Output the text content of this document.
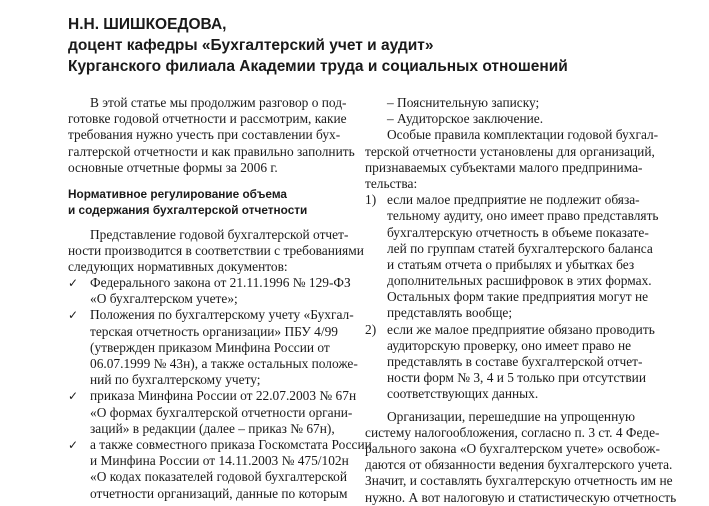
Н.Н. ШИШКОЕДОВА,
доцент кафедры «Бухгалтерский учет и аудит»
Курганского филиала Академии труда и социальных отношений
В этой статье мы продолжим разговор о под-
готовке годовой отчетности и рассмотрим, какие
требования нужно учесть при составлении бух-
галтерской отчетности и как правильно заполнить
основные отчетные формы за 2006 г.
Нормативное регулирование объема
и содержания бухгалтерской отчетности
Представление годовой бухгалтерской отчет-
ности производится в соответствии с требованиями
следующих нормативных документов:
✓ Федерального закона от 21.11.1996 № 129-ФЗ
«О бухгалтерском учете»;
✓ Положения по бухгалтерскому учету «Бухгал-
терская отчетность организации» ПБУ 4/99
(утвержден приказом Минфина России от
06.07.1999 № 43н), а также остальных положе-
ний по бухгалтерскому учету;
✓ приказа Минфина России от 22.07.2003 № 67н
«О формах бухгалтерской отчетности органи-
заций» в редакции (далее – приказ № 67н),
✓ а также совместного приказа Госкомстата России
и Минфина России от 14.11.2003 № 475/102н
«О кодах показателей годовой бухгалтерской
отчетности организаций, данные по которым
– Пояснительную записку;
– Аудиторское заключение.
Особые правила комплектации годовой бухгал-
терской отчетности установлены для организаций,
признаваемых субъектами малого предпринима-
тельства:
1) если малое предприятие не подлежит обяза-
тельному аудиту, оно имеет право представлять
бухгалтерскую отчетность в объеме показате-
лей по группам статей бухгалтерского баланса
и статьям отчета о прибылях и убытках без
дополнительных расшифровок в этих формах.
Остальных форм такие предприятия могут не
представлять вообще;
2) если же малое предприятие обязано проводить
аудиторскую проверку, оно имеет право не
представлять в составе бухгалтерской отчет-
ности форм № 3, 4 и 5 только при отсутствии
соответствующих данных.
Организации, перешедшие на упрощенную
систему налогообложения, согласно п. 3 ст. 4 Феде-
рального закона «О бухгалтерском учете» освобож-
даются от обязанности ведения бухгалтерского учета.
Значит, и составлять бухгалтерскую отчетность им не
нужно. А вот налоговую и статистическую отчетность
